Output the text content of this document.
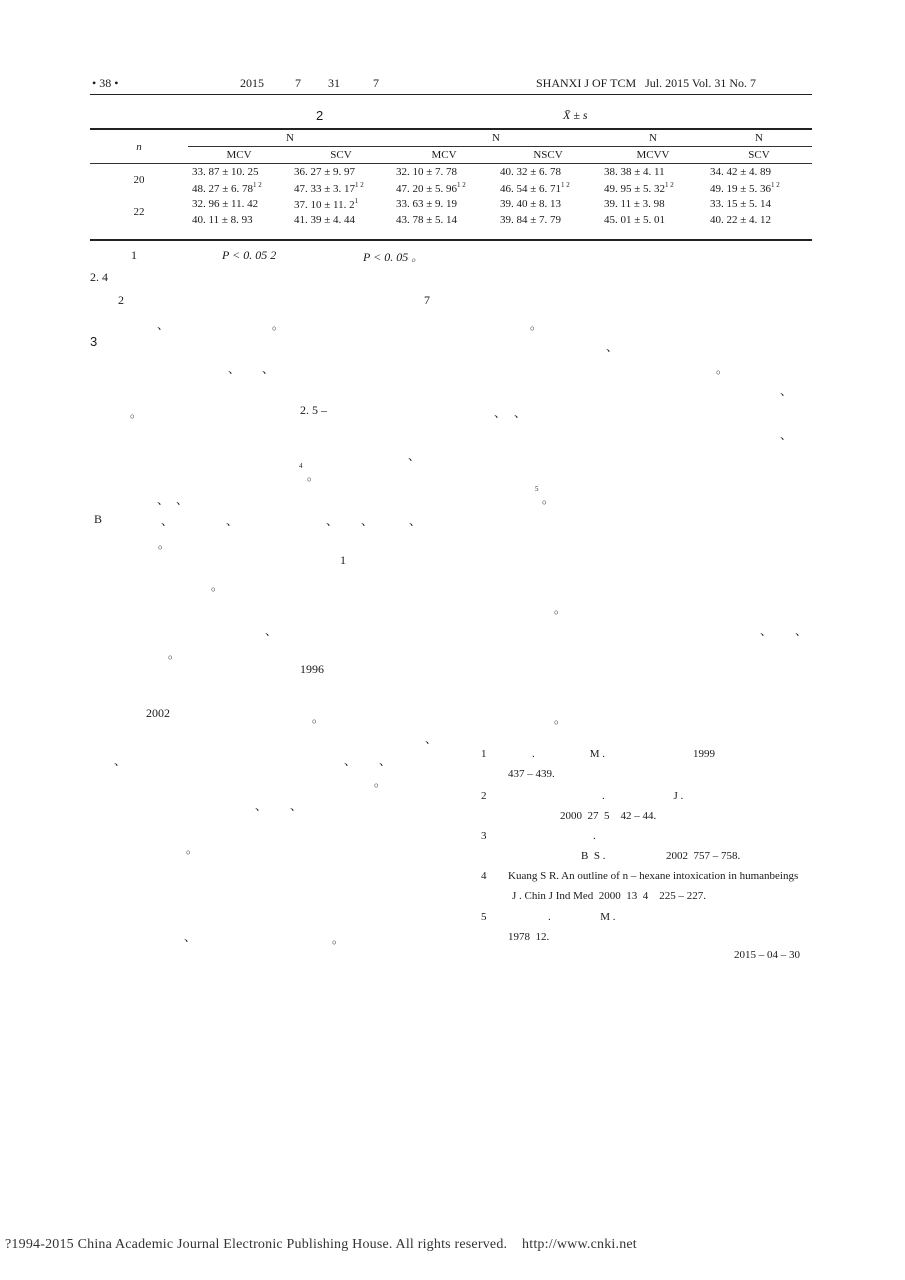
• 38 •	2015	7 31	7	SHANXI J OF TCM   Jul. 2015 Vol. 31 No. 7
2	X̄ ± s
n	N		N		N	N
	MCV	SCV	MCV	NSCV	MCVV	SCV
20	33. 87 ± 10. 25	36. 27 ± 9. 97	32. 10 ± 7. 78	40. 32 ± 6. 78	38. 38 ± 4. 11	34. 42 ± 4. 89
	48. 27 ± 6. $78^{1 2}$	47. 33 ± 3. $17^{1 2}$	47. 20 ± 5. $96^{1 2}$	46. 54 ± 6. $71^{1 2}$	49. 95 ± 5. $32^{1 2}$	49. 19 ± 5. $36^{1 2}$
22	32. 96 ± 11. 42	37. 10 ± 11. $2^1$	33. 63 ± 9. 19	39. 40 ± 8. 13	39. 11 ± 3. 98	33. 15 ± 5. 14
	40. 11 ± 8. 93	41. 39 ± 4. 44	43. 78 ± 5. 14	39. 84 ± 7. 79	45. 01 ± 5. 01	40. 22 ± 4. 12
1	P < 0. 05 2	P < 0. 05 。
2. 4
2	7
、	。
3
、 、
。	2. 5 –
、
4
。
、 、
B	、	、	、 、	、
。
1
。
、
。
1996
2002	。
、
、	、 、
。
、 、
。
、	。
。
、
。
、
、 、
、
5
。
。
、 、
。
1	.                    M .                                1999
437 – 439.
2	.                         J .
2000  27  5    42 – 44.
3	.
B  S .                      2002  757 – 758.
4 Kuang S R. An outline of n – hexane intoxication in humanbeings
J . Chin J Ind Med  2000  13  4    225 – 227.
5	.                  M .
1978  12.
2015 – 04 – 30
?1994-2015 China Academic Journal Electronic Publishing House. All rights reserved.    http://www.cnki.net
